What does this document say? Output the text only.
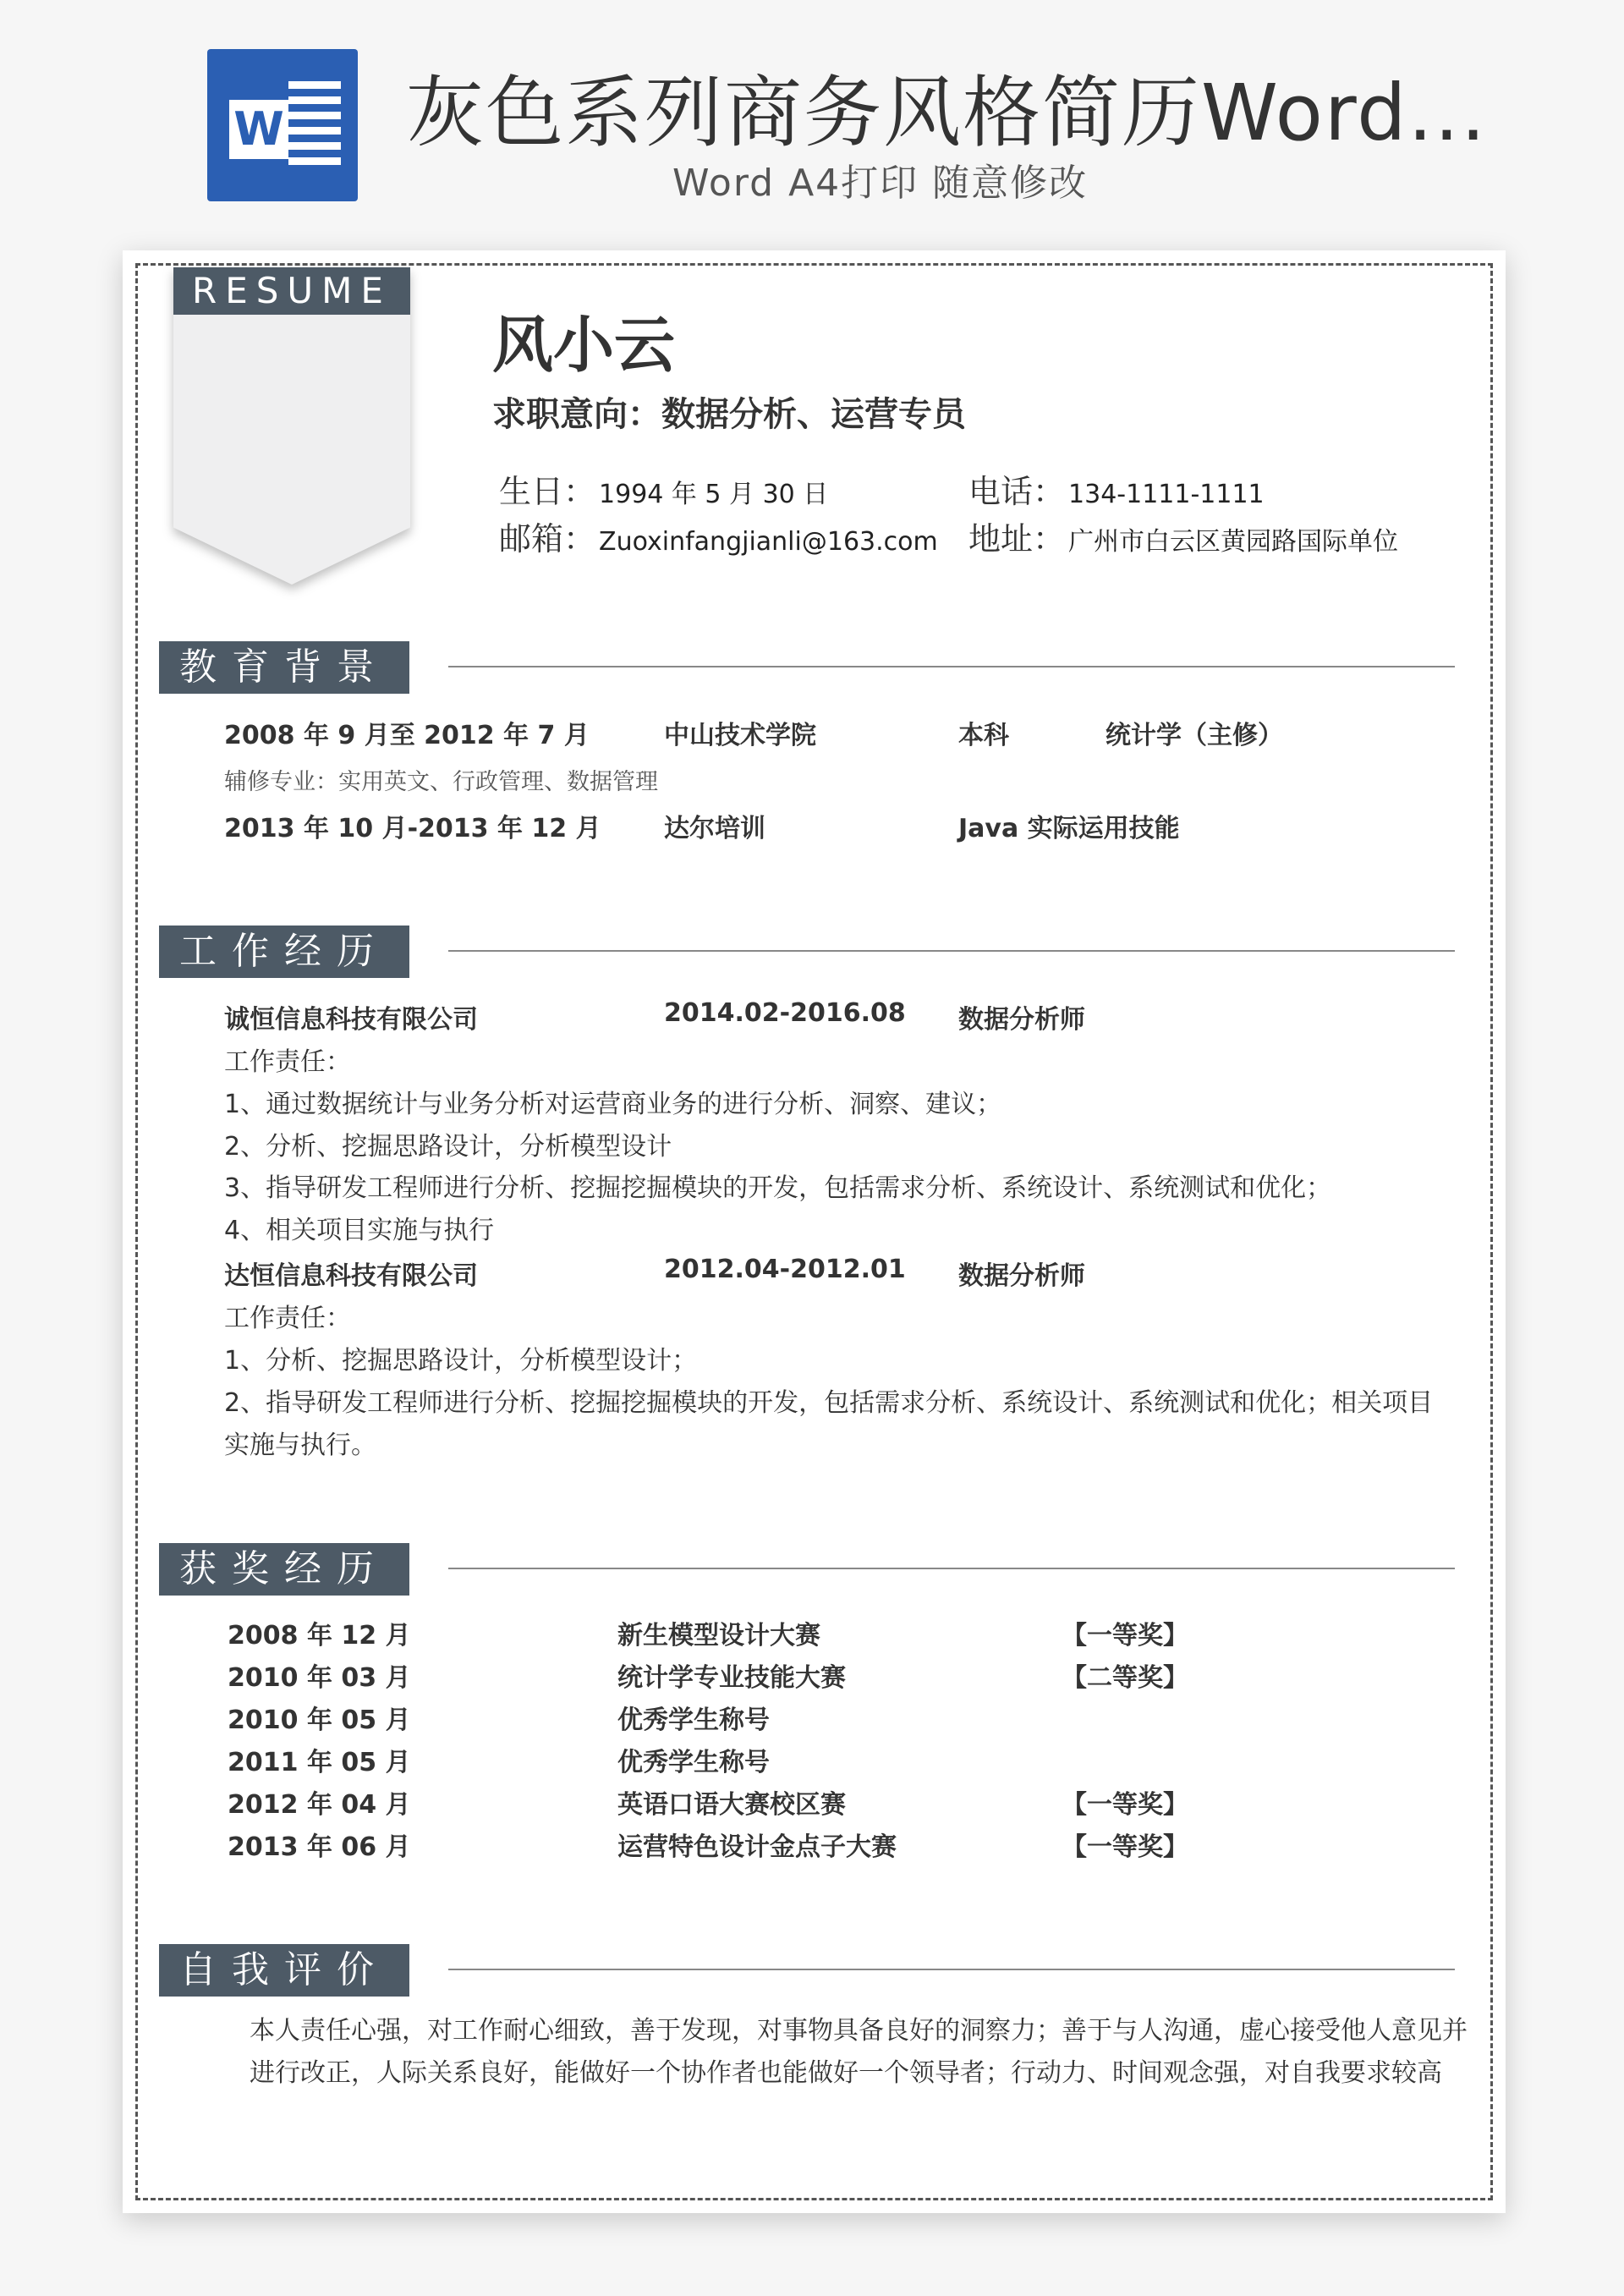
W 灰色系列商务风格简历Word...
Word A4打印 随意修改
RESUME
风小云
求职意向：数据分析、运营专员
生日： 1994 年 5 月 30 日	电话： 134-1111-1111
邮箱： Zuoxinfangjianli@163.com 地址： 广州市白云区黄园路国际单位
教育背景
2008 年 9 月至 2012 年 7 月	中山技术学院	本科	统计学（主修）
辅修专业：实用英文、行政管理、数据管理
2013 年 10 月-2013 年 12 月 达尔培训	Java 实际运用技能
工作经历
诚恒信息科技有限公司	2014.02-2016.08 数据分析师
工作责任：
1、通过数据统计与业务分析对运营商业务的进行分析、洞察、建议；
2、分析、挖掘思路设计，分析模型设计
3、指导研发工程师进行分析、挖掘挖掘模块的开发，包括需求分析、系统设计、系统测试和优化；
4、相关项目实施与执行
达恒信息科技有限公司	2012.04-2012.01 数据分析师
工作责任：
1、分析、挖掘思路设计，分析模型设计；
2、指导研发工程师进行分析、挖掘挖掘模块的开发，包括需求分析、系统设计、系统测试和优化；相关项目
实施与执行。
获奖经历
2008 年 12 月	新生模型设计大赛	【一等奖】
2010 年 03 月	统计学专业技能大赛	【二等奖】
2010 年 05 月	优秀学生称号
2011 年 05 月	优秀学生称号
2012 年 04 月	英语口语大赛校区赛	【一等奖】
2013 年 06 月	运营特色设计金点子大赛	【一等奖】
自我评价
本人责任心强，对工作耐心细致，善于发现，对事物具备良好的洞察力；善于与人沟通，虚心接受他人意见并
进行改正，人际关系良好，能做好一个协作者也能做好一个领导者；行动力、时间观念强，对自我要求较高
